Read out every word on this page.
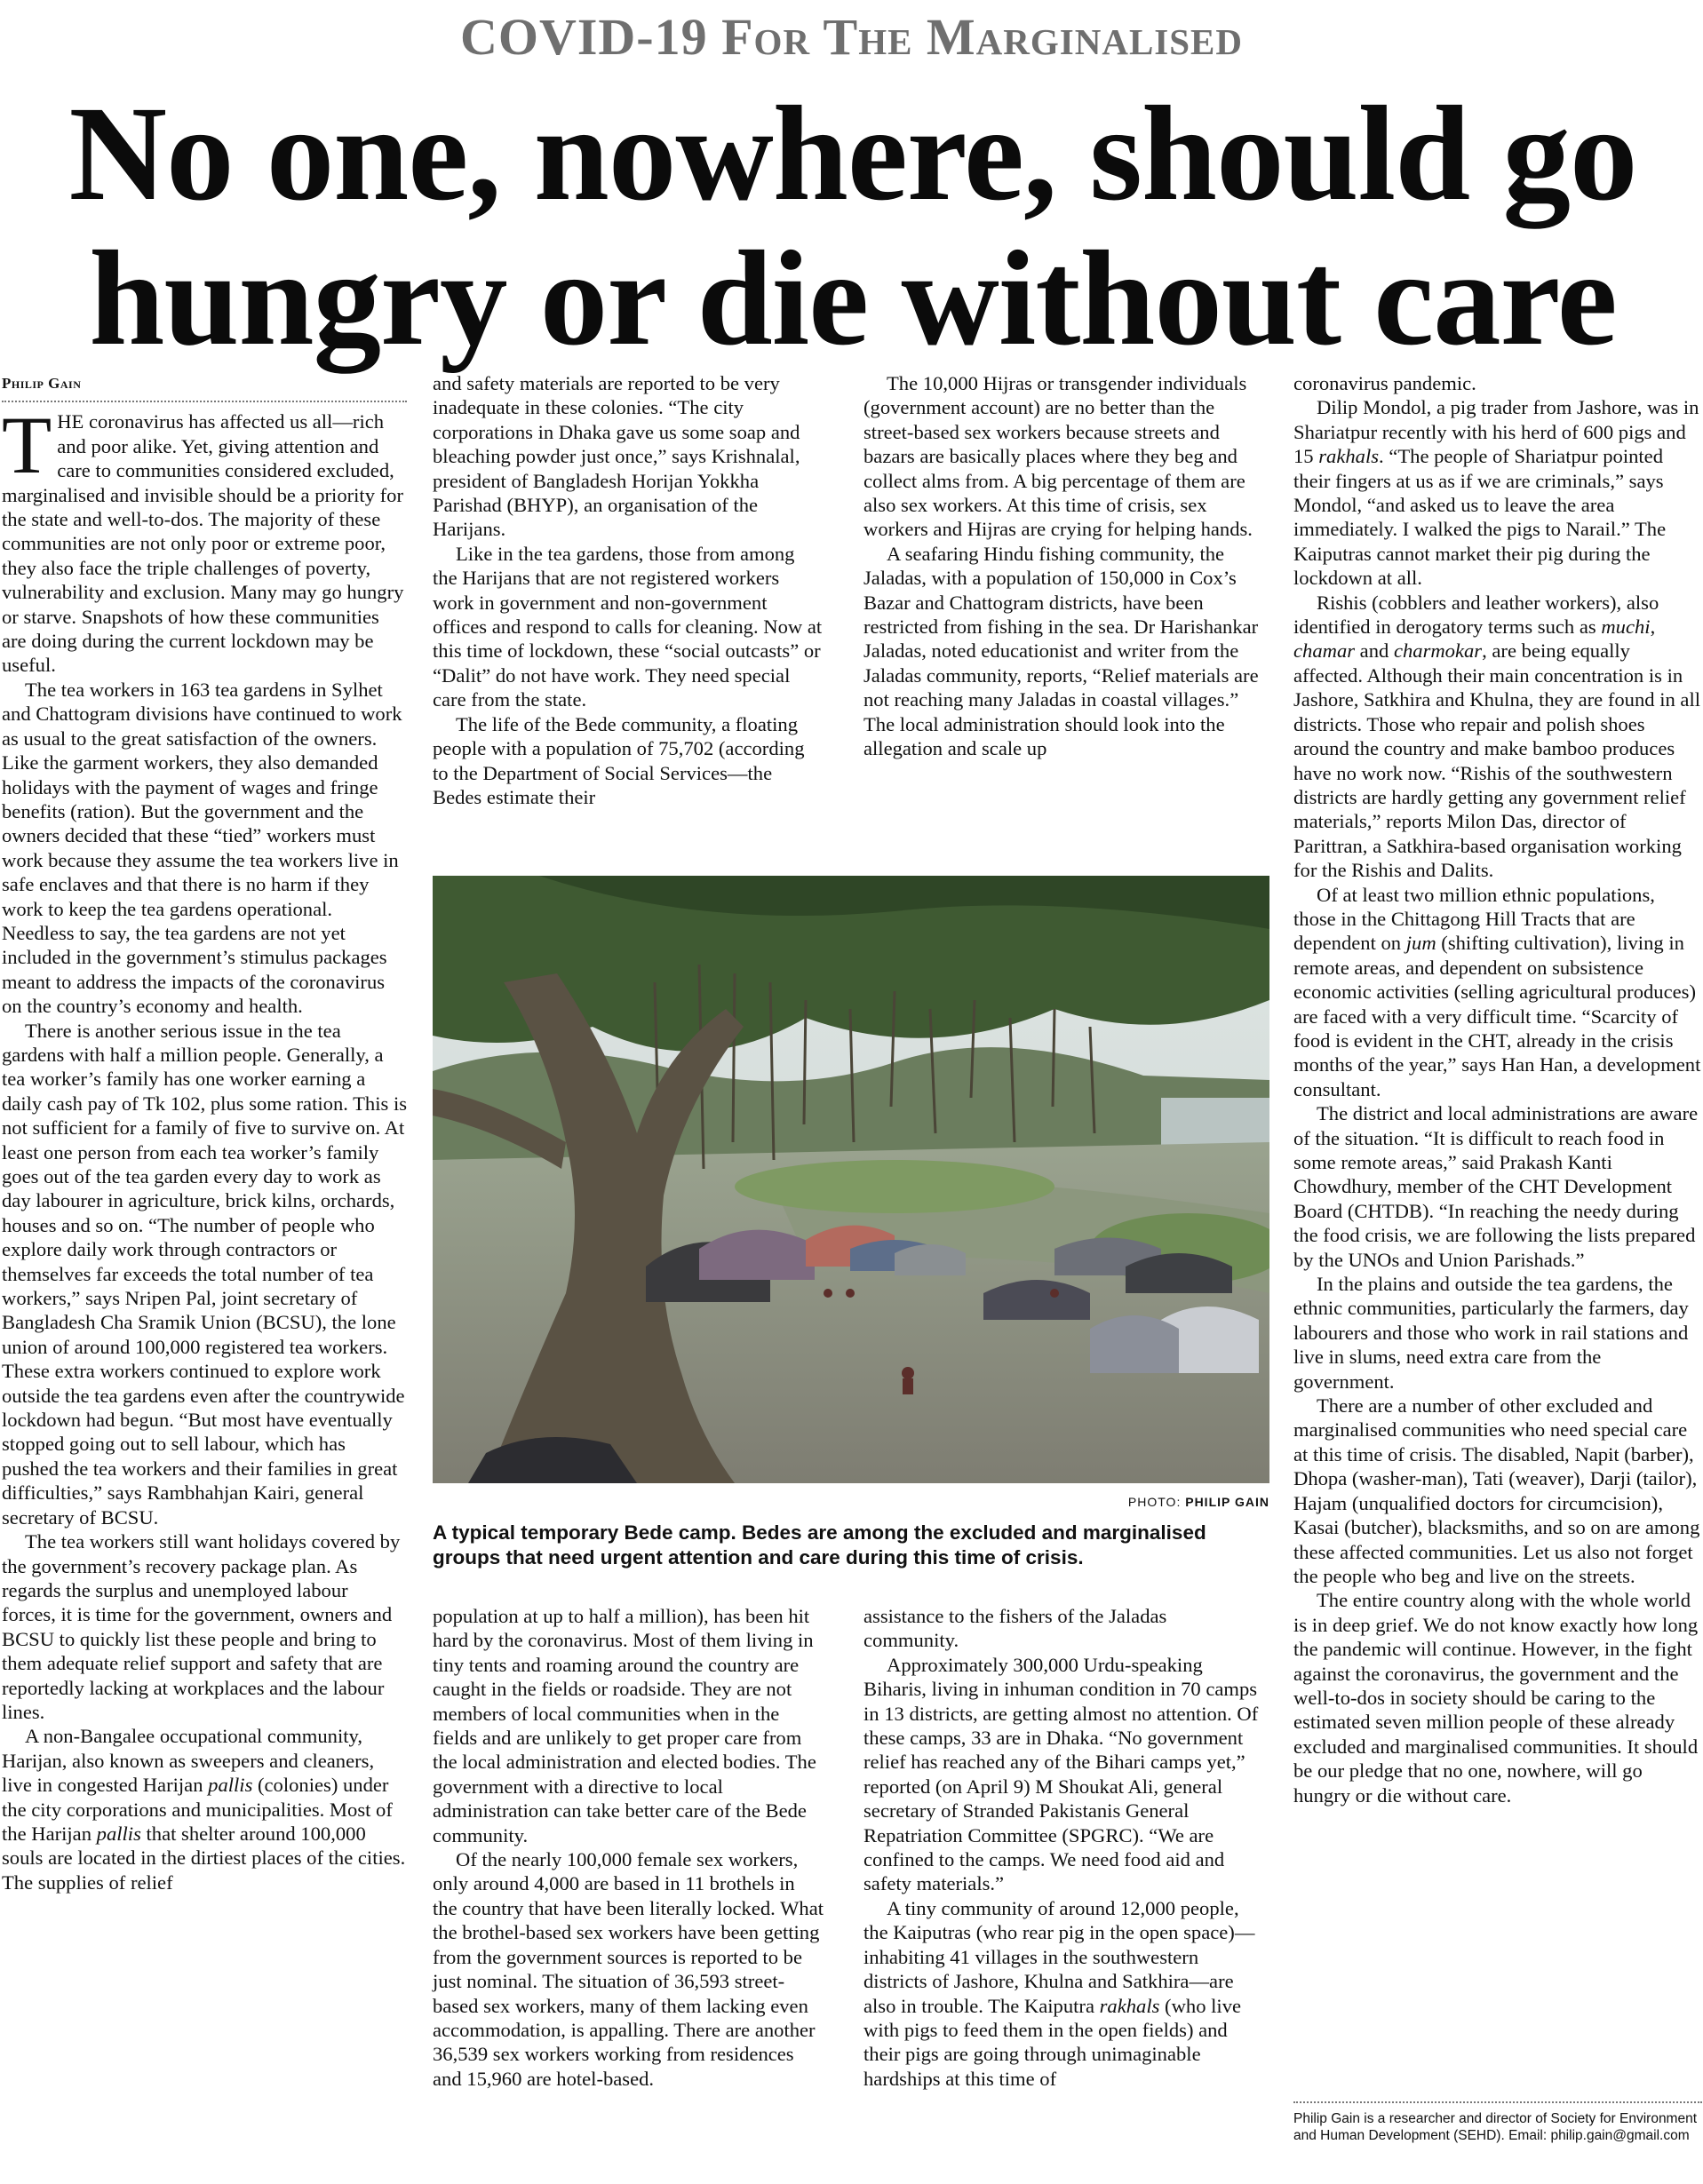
COVID-19 For The Marginalised
No one, nowhere, should go
hungry or die without care
Philip Gain

THE coronavirus has affected us all—rich and poor alike. Yet, giving attention and care to communities considered excluded, marginalised and invisible should be a priority for the state and well-to-dos. The majority of these communities are not only poor or extreme poor, they also face the triple challenges of poverty, vulnerability and exclusion. Many may go hungry or starve. Snapshots of how these communities are doing during the current lockdown may be useful.

The tea workers in 163 tea gardens in Sylhet and Chattogram divisions have continued to work as usual to the great satisfaction of the owners. Like the garment workers, they also demanded holidays with the payment of wages and fringe benefits (ration). But the government and the owners decided that these “tied” workers must work because they assume the tea workers live in safe enclaves and that there is no harm if they work to keep the tea gardens operational. Needless to say, the tea gardens are not yet included in the government’s stimulus packages meant to address the impacts of the coronavirus on the country’s economy and health.

There is another serious issue in the tea gardens with half a million people. Generally, a tea worker’s family has one worker earning a daily cash pay of Tk 102, plus some ration. This is not sufficient for a family of five to survive on. At least one person from each tea worker’s family goes out of the tea garden every day to work as day labourer in agriculture, brick kilns, orchards, houses and so on. “The number of people who explore daily work through contractors or themselves far exceeds the total number of tea workers,” says Nripen Pal, joint secretary of Bangladesh Cha Sramik Union (BCSU), the lone union of around 100,000 registered tea workers. These extra workers continued to explore work outside the tea gardens even after the countrywide lockdown had begun. “But most have eventually stopped going out to sell labour, which has pushed the tea workers and their families in great difficulties,” says Rambhahjan Kairi, general secretary of BCSU.

The tea workers still want holidays covered by the government’s recovery package plan. As regards the surplus and unemployed labour forces, it is time for the government, owners and BCSU to quickly list these people and bring to them adequate relief support and safety that are reportedly lacking at workplaces and the labour lines.

A non-Bangalee occupational community, Harijan, also known as sweepers and cleaners, live in congested Harijan pallis (colonies) under the city corporations and municipalities. Most of the Harijan pallis that shelter around 100,000 souls are located in the dirtiest places of the cities. The supplies of relief

and safety materials are reported to be very inadequate in these colonies. “The city corporations in Dhaka gave us some soap and bleaching powder just once,” says Krishnalal, president of Bangladesh Horijan Yokkha Parishad (BHYP), an organisation of the Harijans.

Like in the tea gardens, those from among the Harijans that are not registered workers work in government and non-government offices and respond to calls for cleaning. Now at this time of lockdown, these “social outcasts” or “Dalit” do not have work. They need special care from the state.

The life of the Bede community, a floating people with a population of 75,702 (according to the Department of Social Services—the Bedes estimate their

The 10,000 Hijras or transgender individuals (government account) are no better than the street-based sex workers because streets and bazars are basically places where they beg and collect alms from. A big percentage of them are also sex workers. At this time of crisis, sex workers and Hijras are crying for helping hands.

A seafaring Hindu fishing community, the Jaladas, with a population of 150,000 in Cox’s Bazar and Chattogram districts, have been restricted from fishing in the sea. Dr Harishankar Jaladas, noted educationist and writer from the Jaladas community, reports, “Relief materials are not reaching many Jaladas in coastal villages.” The local administration should look into the allegation and scale up

PHOTO: PHILIP GAIN
A typical temporary Bede camp. Bedes are among the excluded and marginalised groups that need urgent attention and care during this time of crisis.

population at up to half a million), has been hit hard by the coronavirus. Most of them living in tiny tents and roaming around the country are caught in the fields or roadside. They are not members of local communities when in the fields and are unlikely to get proper care from the local administration and elected bodies. The government with a directive to local administration can take better care of the Bede community.

Of the nearly 100,000 female sex workers, only around 4,000 are based in 11 brothels in the country that have been literally locked. What the brothel-based sex workers have been getting from the government sources is reported to be just nominal. The situation of 36,593 street-based sex workers, many of them lacking even accommodation, is appalling. There are another 36,539 sex workers working from residences and 15,960 are hotel-based.

assistance to the fishers of the Jaladas community.

Approximately 300,000 Urdu-speaking Biharis, living in inhuman condition in 70 camps in 13 districts, are getting almost no attention. Of these camps, 33 are in Dhaka. “No government relief has reached any of the Bihari camps yet,” reported (on April 9) M Shoukat Ali, general secretary of Stranded Pakistanis General Repatriation Committee (SPGRC). “We are confined to the camps. We need food aid and safety materials.”

A tiny community of around 12,000 people, the Kaiputras (who rear pig in the open space)—inhabiting 41 villages in the southwestern districts of Jashore, Khulna and Satkhira—are also in trouble. The Kaiputra rakhals (who live with pigs to feed them in the open fields) and their pigs are going through unimaginable hardships at this time of

coronavirus pandemic.

Dilip Mondol, a pig trader from Jashore, was in Shariatpur recently with his herd of 600 pigs and 15 rakhals. “The people of Shariatpur pointed their fingers at us as if we are criminals,” says Mondol, “and asked us to leave the area immediately. I walked the pigs to Narail.” The Kaiputras cannot market their pig during the lockdown at all.

Rishis (cobblers and leather workers), also identified in derogatory terms such as muchi, chamar and charmokar, are being equally affected. Although their main concentration is in Jashore, Satkhira and Khulna, they are found in all districts. Those who repair and polish shoes around the country and make bamboo produces have no work now. “Rishis of the southwestern districts are hardly getting any government relief materials,” reports Milon Das, director of Parittran, a Satkhira-based organisation working for the Rishis and Dalits.

Of at least two million ethnic populations, those in the Chittagong Hill Tracts that are dependent on jum (shifting cultivation), living in remote areas, and dependent on subsistence economic activities (selling agricultural produces) are faced with a very difficult time. “Scarcity of food is evident in the CHT, already in the crisis months of the year,” says Han Han, a development consultant.

The district and local administrations are aware of the situation. “It is difficult to reach food in some remote areas,” said Prakash Kanti Chowdhury, member of the CHT Development Board (CHTDB). “In reaching the needy during the food crisis, we are following the lists prepared by the UNOs and Union Parishads.”

In the plains and outside the tea gardens, the ethnic communities, particularly the farmers, day labourers and those who work in rail stations and live in slums, need extra care from the government.

There are a number of other excluded and marginalised communities who need special care at this time of crisis. The disabled, Napit (barber), Dhopa (washer-man), Tati (weaver), Darji (tailor), Hajam (unqualified doctors for circumcision), Kasai (butcher), blacksmiths, and so on are among these affected communities. Let us also not forget the people who beg and live on the streets.

The entire country along with the whole world is in deep grief. We do not know exactly how long the pandemic will continue. However, in the fight against the coronavirus, the government and the well-to-dos in society should be caring to the estimated seven million people of these already excluded and marginalised communities. It should be our pledge that no one, nowhere, will go hungry or die without care.

Philip Gain is a researcher and director of Society for Environment and Human Development (SEHD). Email: philip.gain@gmail.com
